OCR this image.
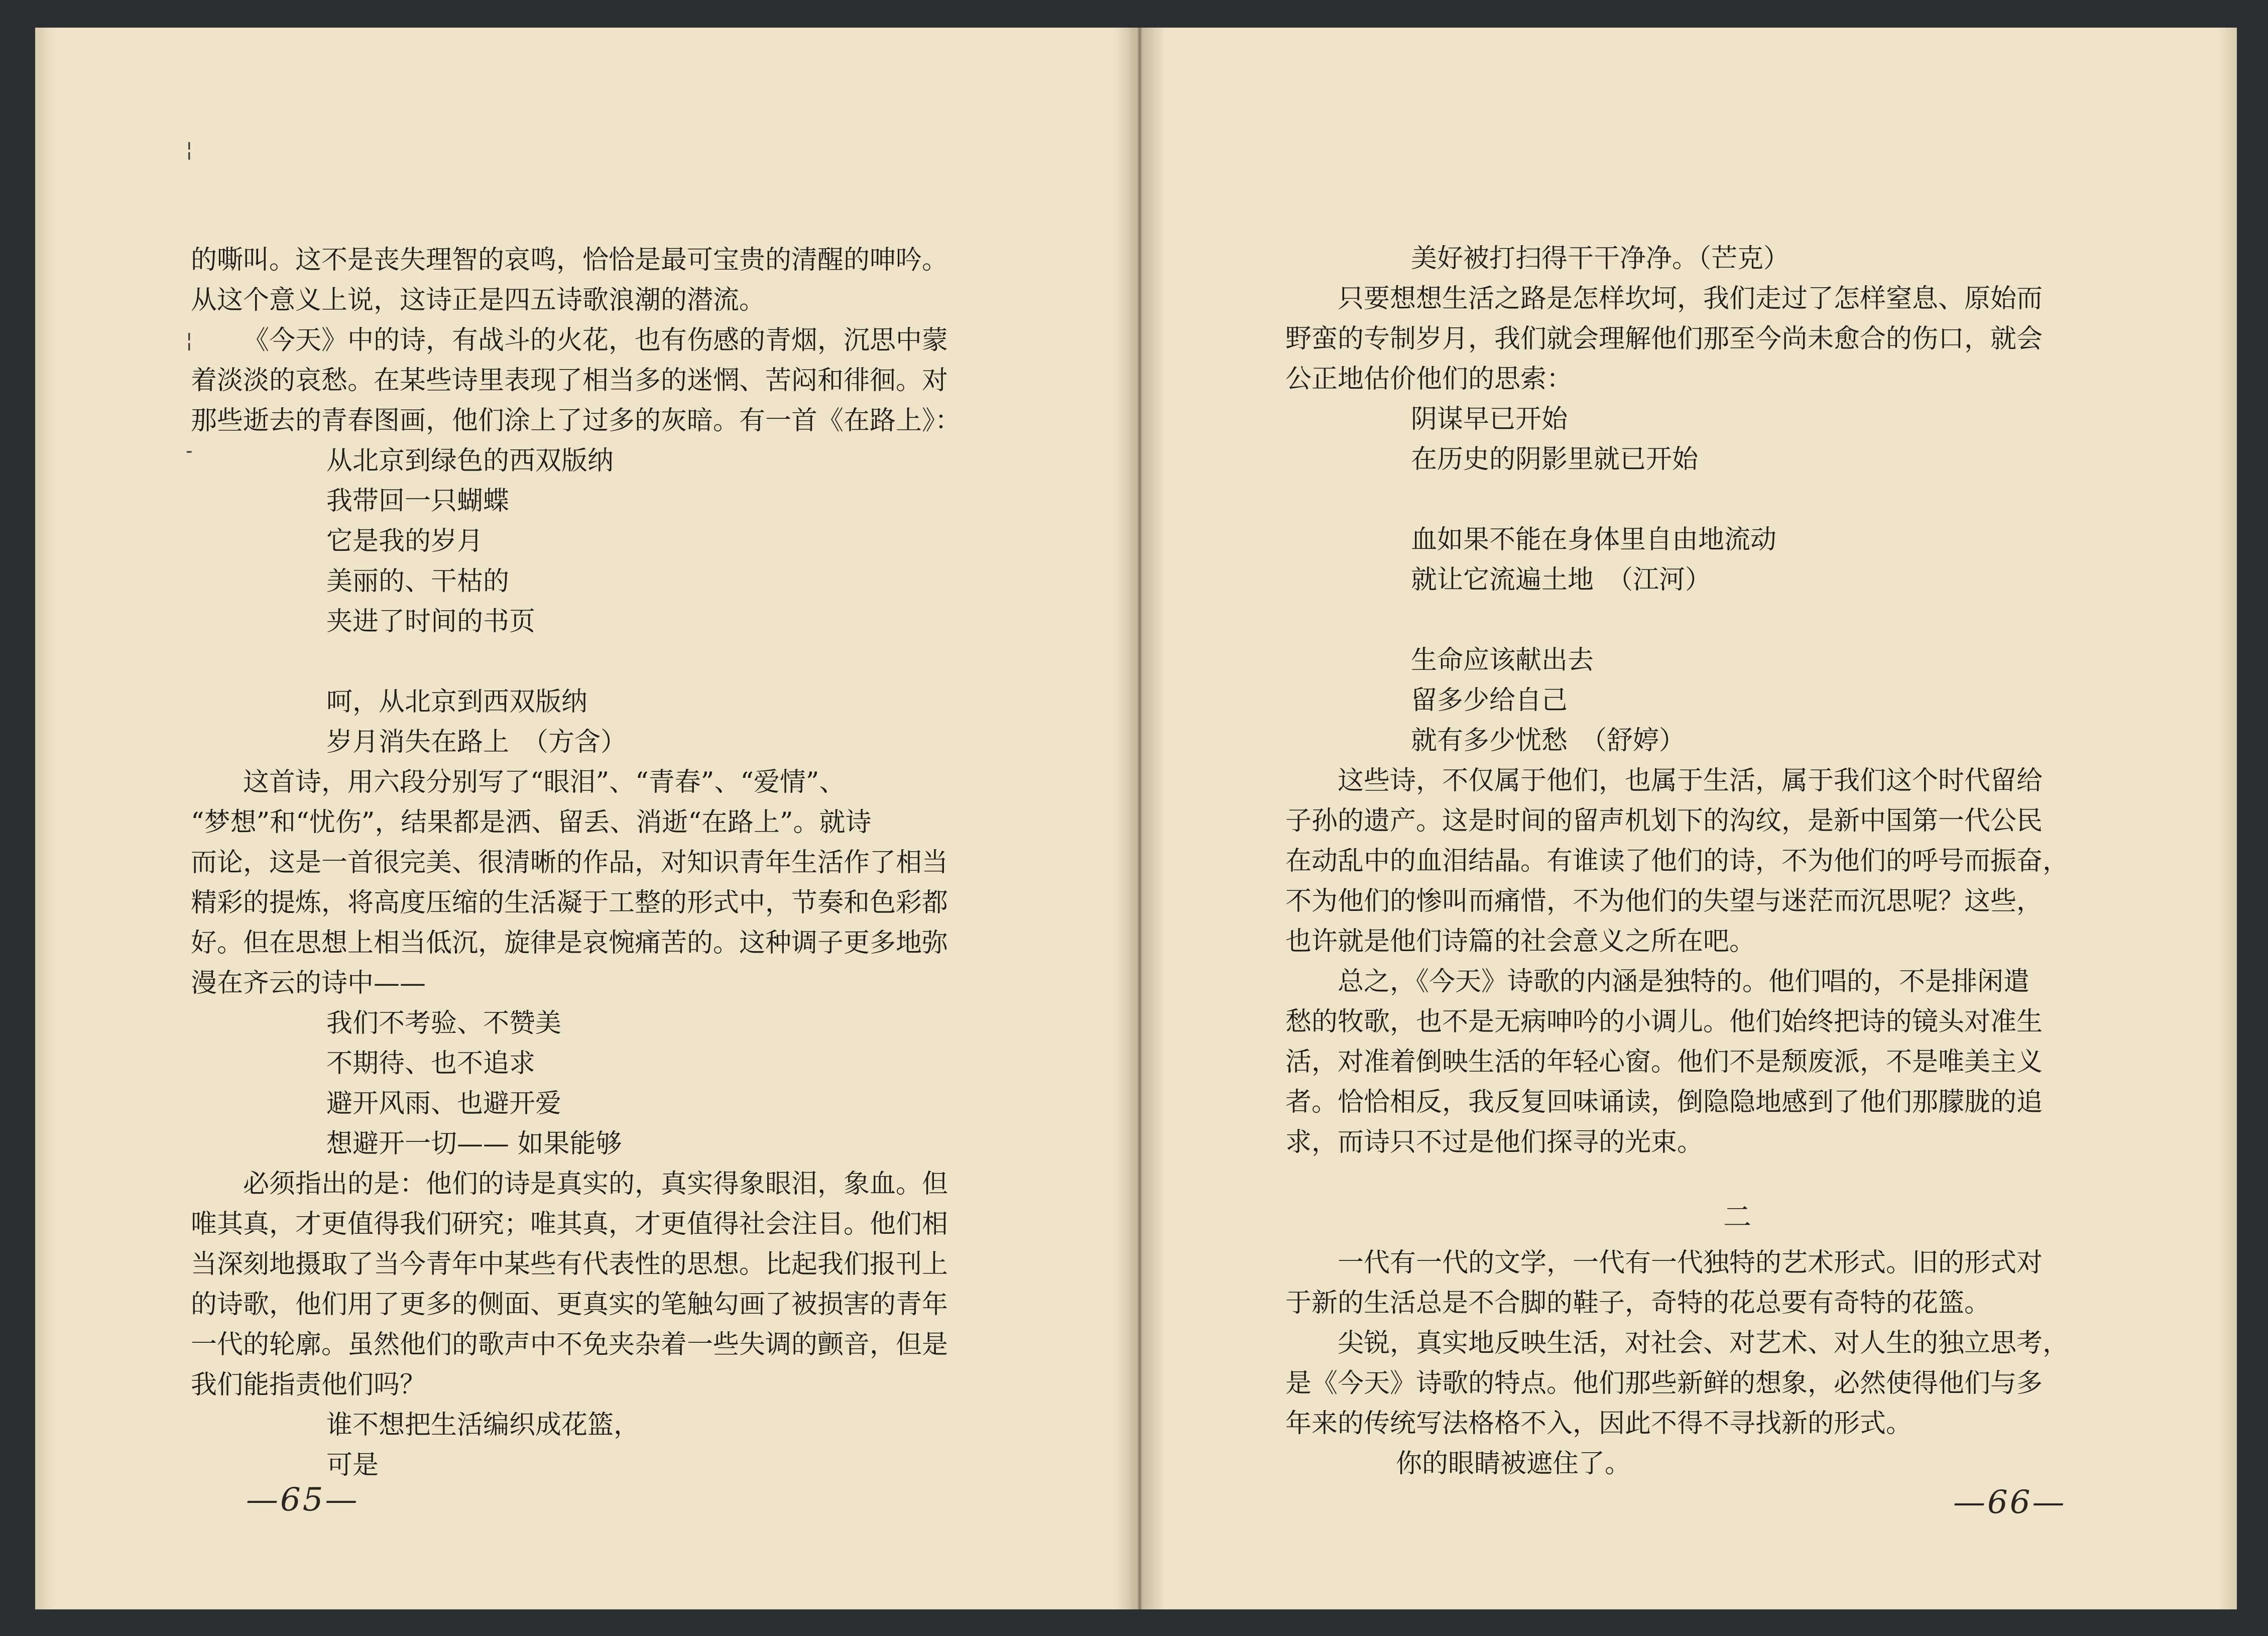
¦
¦
-
的嘶叫。这不是丧失理智的哀鸣，恰恰是最可宝贵的清醒的呻吟。
从这个意义上说，这诗正是四五诗歌浪潮的潜流。
《今天》中的诗，有战斗的火花，也有伤感的青烟，沉思中蒙
着淡淡的哀愁。在某些诗里表现了相当多的迷惘、苦闷和徘徊。对
那些逝去的青春图画，他们涂上了过多的灰暗。有一首《在路上》：
从北京到绿色的西双版纳
我带回一只蝴蝶
它是我的岁月
美丽的、干枯的
夹进了时间的书页
呵，从北京到西双版纳
岁月消失在路上　（方含）
这首诗，用六段分别写了“眼泪”、“青春”、“爱情”、
“梦想”和“忧伤”，结果都是洒、留丢、消逝“在路上”。就诗
而论，这是一首很完美、很清晰的作品，对知识青年生活作了相当
精彩的提炼，将高度压缩的生活凝于工整的形式中，节奏和色彩都
好。但在思想上相当低沉，旋律是哀惋痛苦的。这种调子更多地弥
漫在齐云的诗中——
我们不考验、不赞美
不期待、也不追求
避开风雨、也避开爱
想避开一切—— 如果能够
必须指出的是：他们的诗是真实的，真实得象眼泪，象血。但
唯其真，才更值得我们研究；唯其真，才更值得社会注目。他们相
当深刻地摄取了当今青年中某些有代表性的思想。比起我们报刊上
的诗歌，他们用了更多的侧面、更真实的笔触勾画了被损害的青年
一代的轮廓。虽然他们的歌声中不免夹杂着一些失调的颤音，但是
我们能指责他们吗？
谁不想把生活编织成花篮，
可是
—65—
美好被打扫得干干净净。（芒克）
只要想想生活之路是怎样坎坷，我们走过了怎样窒息、原始而
野蛮的专制岁月，我们就会理解他们那至今尚未愈合的伤口，就会
公正地估价他们的思索：
阴谋早已开始
在历史的阴影里就已开始
血如果不能在身体里自由地流动
就让它流遍土地　（江河）
生命应该献出去
留多少给自己
就有多少忧愁　（舒婷）
这些诗，不仅属于他们，也属于生活，属于我们这个时代留给
子孙的遗产。这是时间的留声机划下的沟纹，是新中国第一代公民
在动乱中的血泪结晶。有谁读了他们的诗，不为他们的呼号而振奋，
不为他们的惨叫而痛惜，不为他们的失望与迷茫而沉思呢？这些，
也许就是他们诗篇的社会意义之所在吧。
总之，《今天》诗歌的内涵是独特的。他们唱的，不是排闲遣
愁的牧歌，也不是无病呻吟的小调儿。他们始终把诗的镜头对准生
活，对准着倒映生活的年轻心窗。他们不是颓废派，不是唯美主义
者。恰恰相反，我反复回味诵读，倒隐隐地感到了他们那朦胧的追
求，而诗只不过是他们探寻的光束。
二
一代有一代的文学，一代有一代独特的艺术形式。旧的形式对
于新的生活总是不合脚的鞋子，奇特的花总要有奇特的花篮。
尖锐，真实地反映生活，对社会、对艺术、对人生的独立思考，
是《今天》诗歌的特点。他们那些新鲜的想象，必然使得他们与多
年来的传统写法格格不入，因此不得不寻找新的形式。
你的眼睛被遮住了。
—66—
